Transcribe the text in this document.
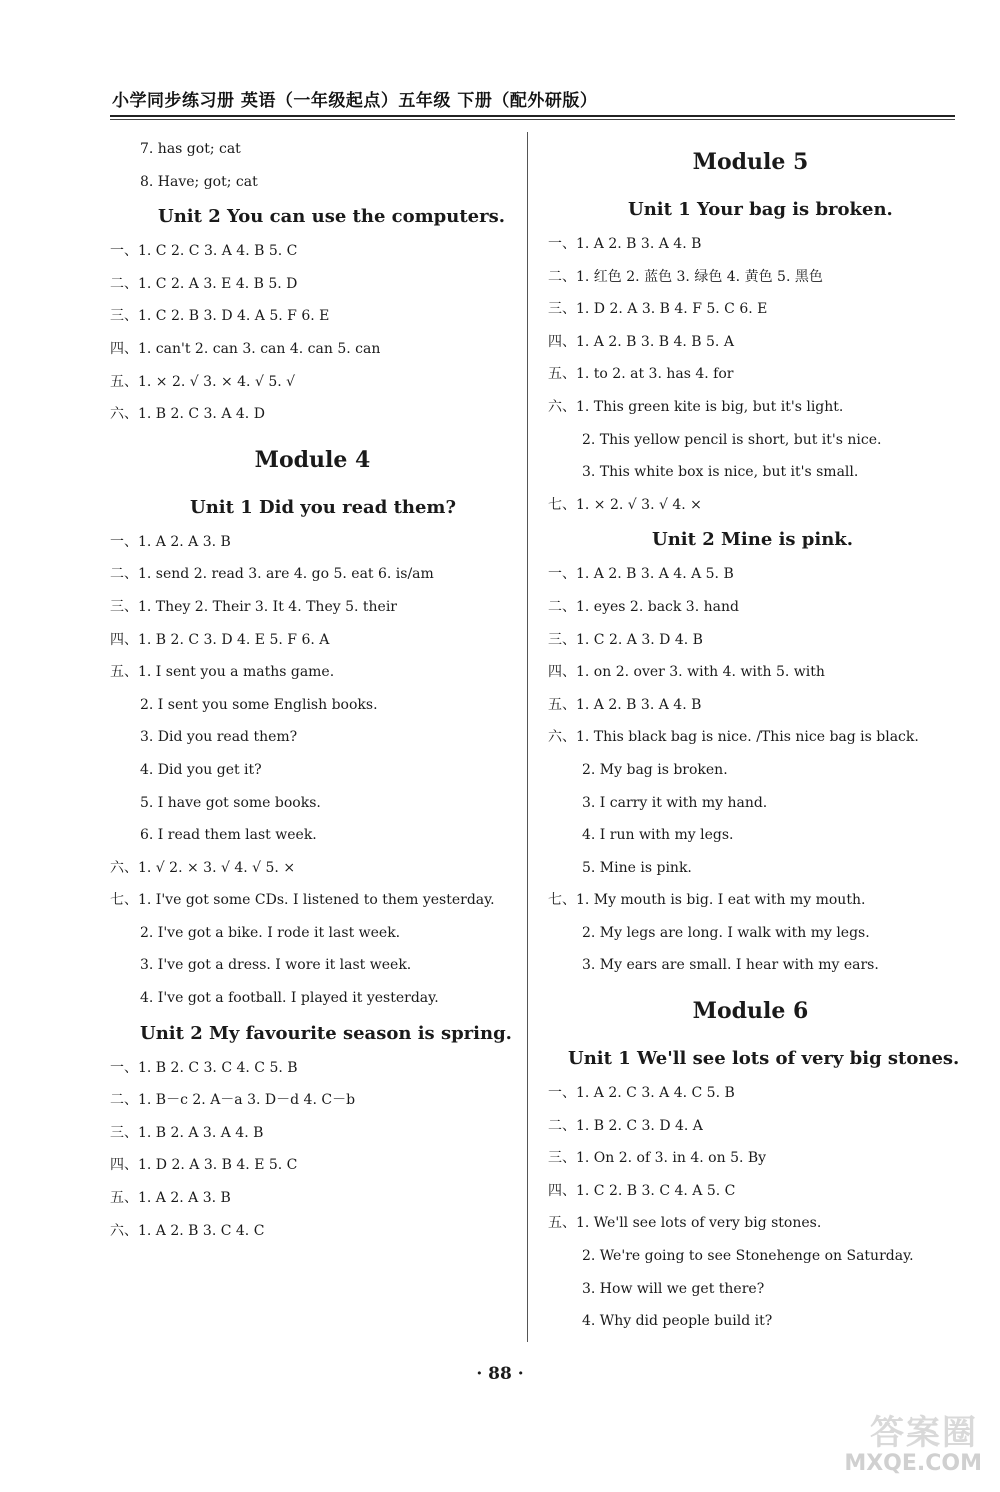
小学同步练习册 英语（一年级起点）五年级 下册（配外研版）
7. has got; cat
8. Have; got; cat
Unit 2 You can use the computers.
一、1. C 2. C 3. A 4. B 5. C
二、1. C 2. A 3. E 4. B 5. D
三、1. C 2. B 3. D 4. A 5. F 6. E
四、1. can't 2. can 3. can 4. can 5. can
五、1. × 2. √ 3. × 4. √ 5. √
六、1. B 2. C 3. A 4. D
Module 4
Unit 1 Did you read them?
一、1. A 2. A 3. B
二、1. send 2. read 3. are 4. go 5. eat 6. is/am
三、1. They 2. Their 3. It 4. They 5. their
四、1. B 2. C 3. D 4. E 5. F 6. A
五、1. I sent you a maths game.
2. I sent you some English books.
3. Did you read them?
4. Did you get it?
5. I have got some books.
6. I read them last week.
六、1. √ 2. × 3. √ 4. √ 5. ×
七、1. I've got some CDs. I listened to them yesterday.
2. I've got a bike. I rode it last week.
3. I've got a dress. I wore it last week.
4. I've got a football. I played it yesterday.
Unit 2 My favourite season is spring.
一、1. B 2. C 3. C 4. C 5. B
二、1. B－c 2. A－a 3. D－d 4. C－b
三、1. B 2. A 3. A 4. B
四、1. D 2. A 3. B 4. E 5. C
五、1. A 2. A 3. B
六、1. A 2. B 3. C 4. C
Module 5
Unit 1 Your bag is broken.
一、1. A 2. B 3. A 4. B
二、1. 红色 2. 蓝色 3. 绿色 4. 黄色 5. 黑色
三、1. D 2. A 3. B 4. F 5. C 6. E
四、1. A 2. B 3. B 4. B 5. A
五、1. to 2. at 3. has 4. for
六、1. This green kite is big, but it's light.
2. This yellow pencil is short, but it's nice.
3. This white box is nice, but it's small.
七、1. × 2. √ 3. √ 4. ×
Unit 2 Mine is pink.
一、1. A 2. B 3. A 4. A 5. B
二、1. eyes 2. back 3. hand
三、1. C 2. A 3. D 4. B
四、1. on 2. over 3. with 4. with 5. with
五、1. A 2. B 3. A 4. B
六、1. This black bag is nice. /This nice bag is black.
2. My bag is broken.
3. I carry it with my hand.
4. I run with my legs.
5. Mine is pink.
七、1. My mouth is big. I eat with my mouth.
2. My legs are long. I walk with my legs.
3. My ears are small. I hear with my ears.
Module 6
Unit 1 We'll see lots of very big stones.
一、1. A 2. C 3. A 4. C 5. B
二、1. B 2. C 3. D 4. A
三、1. On 2. of 3. in 4. on 5. By
四、1. C 2. B 3. C 4. A 5. C
五、1. We'll see lots of very big stones.
2. We're going to see Stonehenge on Saturday.
3. How will we get there?
4. Why did people build it?
· 88 ·
答案圈
MXQE.COM
